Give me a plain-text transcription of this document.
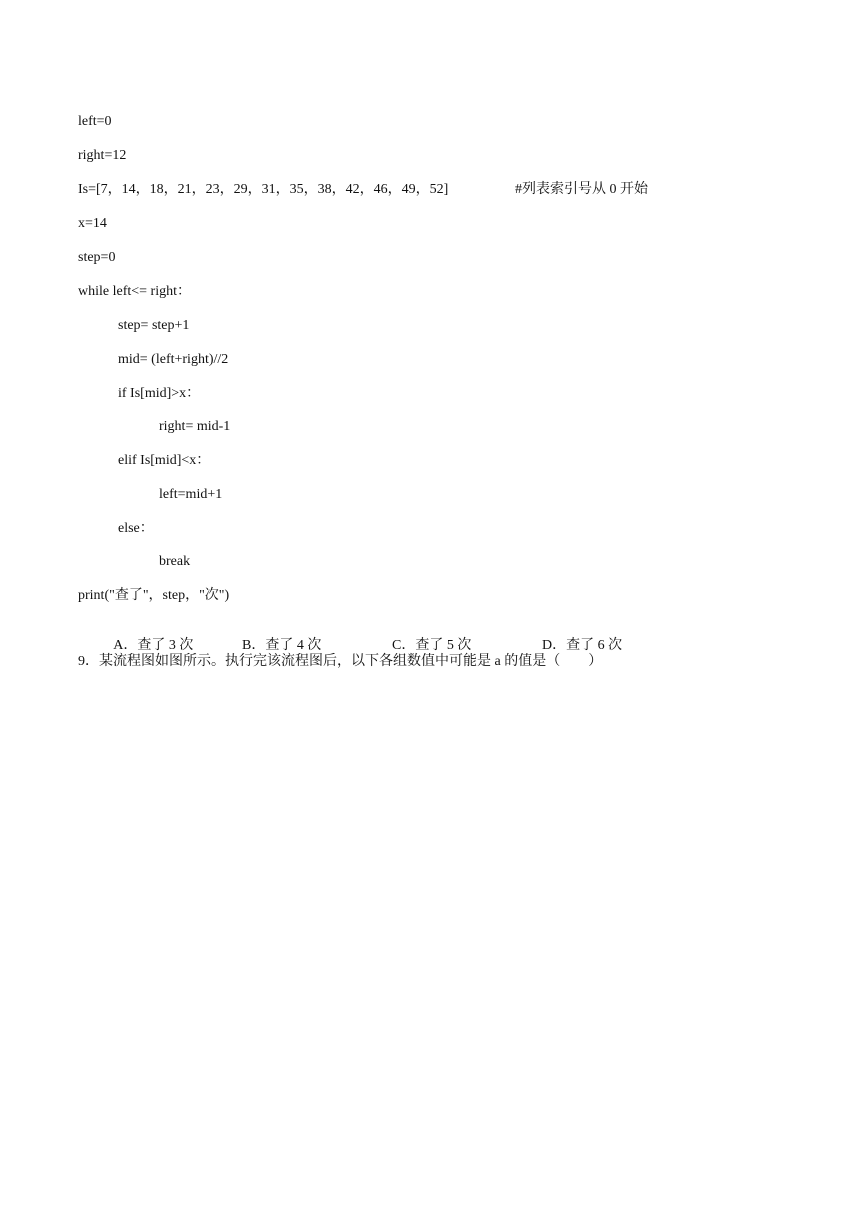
left=0
right=12
Is=[7，14，18，21，23，29，31，35，38，42，46，49，52]	#列表索引号从 0 开始
x=14
step=0
while left<= right：
step= step+1
mid= (left+right)//2
if Is[mid]>x：
right= mid-1
elif Is[mid]<x：
left=mid+1
else：
break
print("查了"，step，"次")

A．查了 3 次
	B．查了 4 次
	C．查了 5 次
	D．查了 6 次

9．某流程图如图所示。执行完该流程图后，以下各组数值中可能是 a 的值是（　　）
